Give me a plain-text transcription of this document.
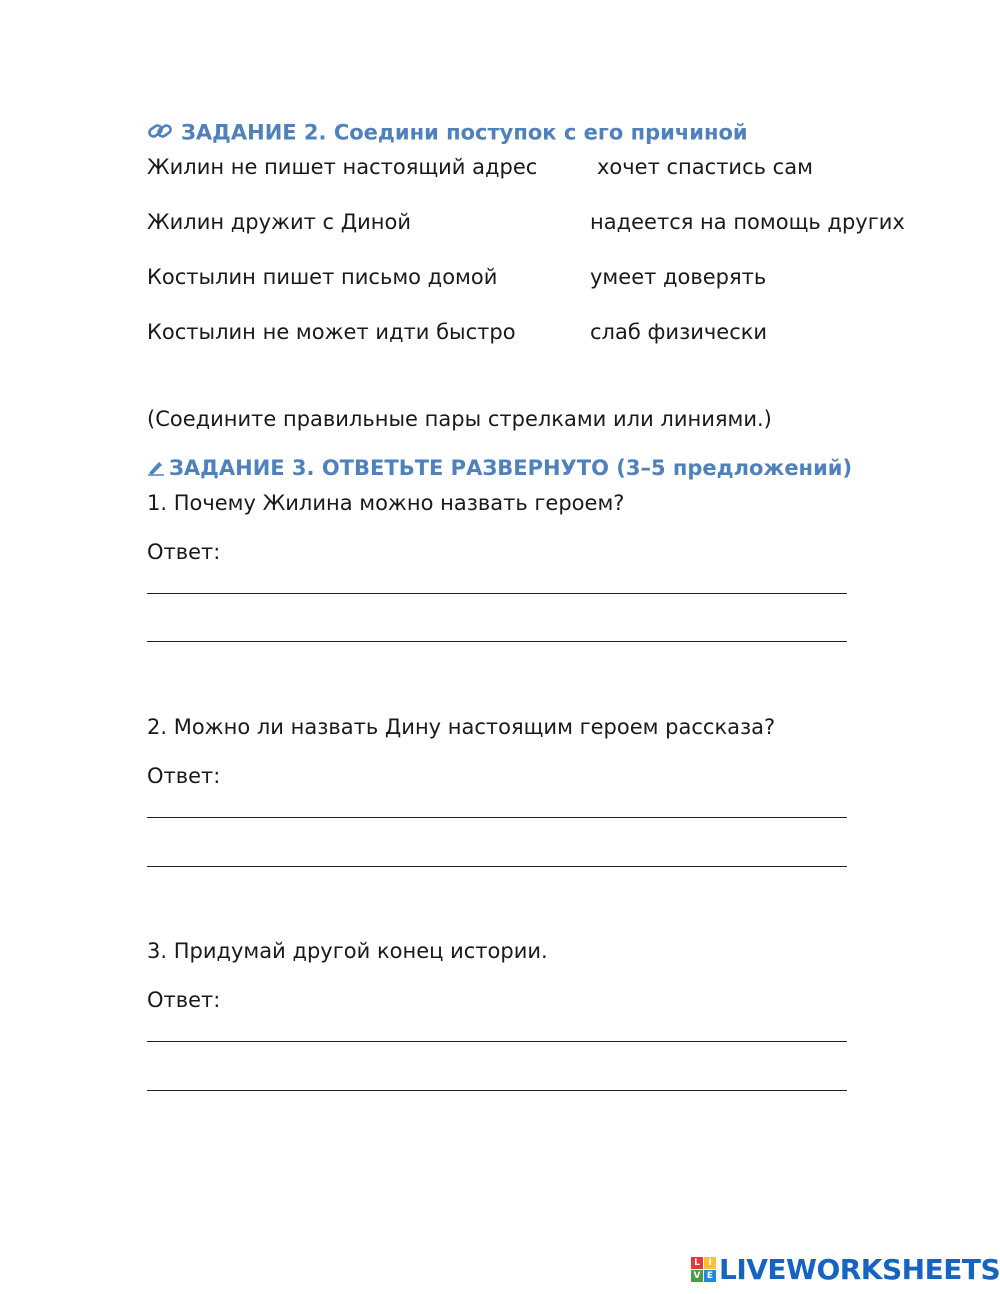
ЗАДАНИЕ 2. Соедини поступок с его причиной
Жилин не пишет настоящий адрес
Жилин дружит с Диной
Костылин пишет письмо домой
Костылин не может идти быстро
хочет спастись сам
надеется на помощь других
умеет доверять
слаб физически
(Соедините правильные пары стрелками или линиями.)
ЗАДАНИЕ 3. ОТВЕТЬТЕ РАЗВЕРНУТО (3–5 предложений)
1. Почему Жилина можно назвать героем?
Ответ:
2. Можно ли назвать Дину настоящим героем рассказа?
Ответ:
3. Придумай другой конец истории.
Ответ:
L I
V E LIVEWORKSHEETS
